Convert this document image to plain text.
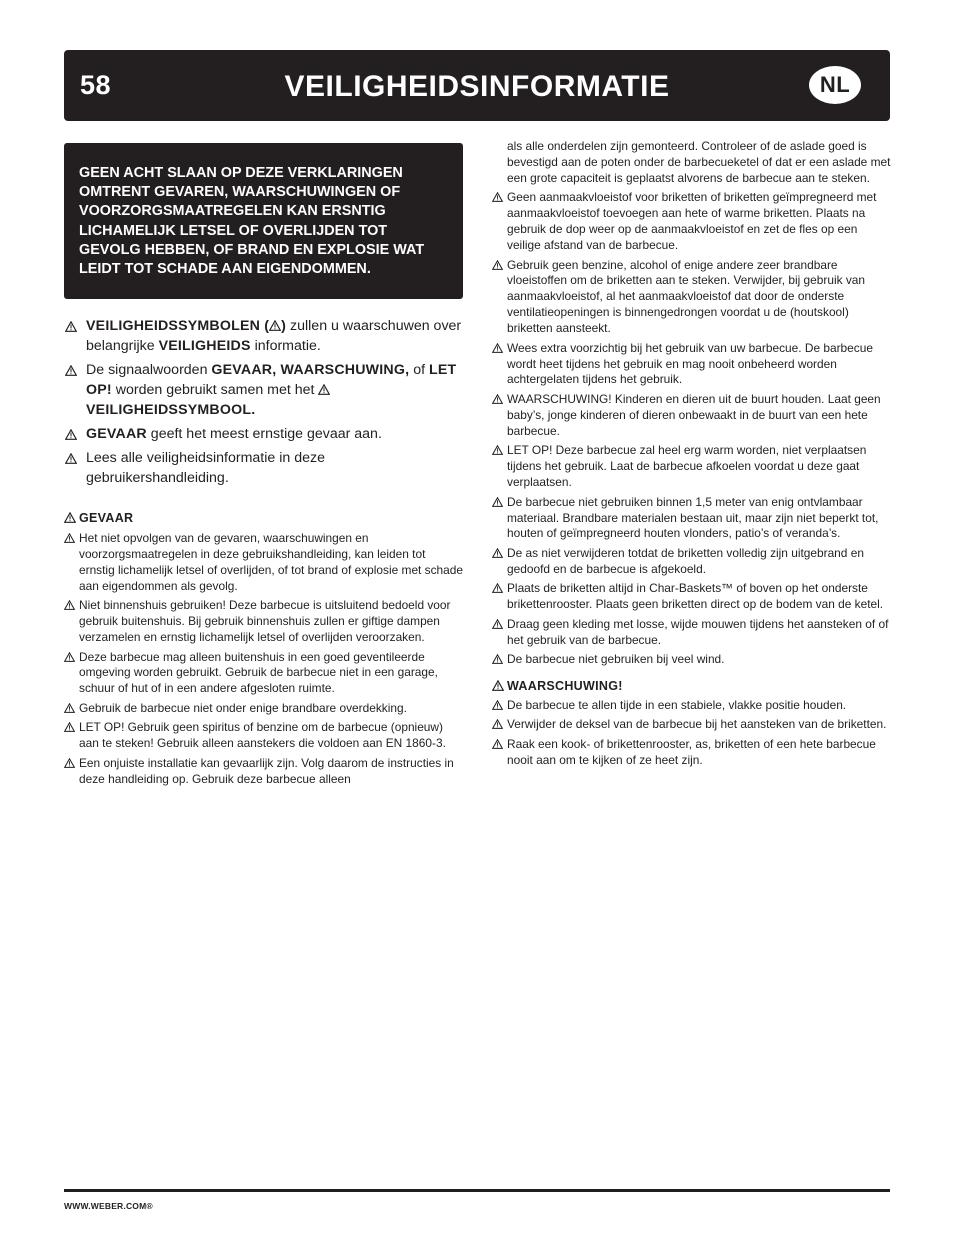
58	VEILIGHEIDSINFORMATIE	NL
GEEN ACHT SLAAN OP DEZE VERKLARINGEN OMTRENT GEVAREN, WAARSCHUWINGEN OF VOORZORGSMAATREGELEN KAN ERSNTIG LICHAMELIJK LETSEL OF OVERLIJDEN TOT GEVOLG HEBBEN, OF BRAND EN EXPLOSIE WAT LEIDT TOT SCHADE AAN EIGENDOMMEN.
VEILIGHEIDSSYMBOLEN ( ) zullen u waarschuwen over belangrijke VEILIGHEIDS informatie.
De signaalwoorden GEVAAR, WAARSCHUWING, of LET OP! worden gebruikt samen met het

VEILIGHEIDSSYMBOOL.
GEVAAR geeft het meest ernstige gevaar aan.
Lees alle veiligheidsinformatie in deze gebruikershandleiding.
GEVAAR
Het niet opvolgen van de gevaren, waarschuwingen en voorzorgsmaatregelen in deze gebruikshandleiding, kan leiden tot ernstig lichamelijk letsel of overlijden, of tot brand of explosie met schade aan eigendommen als gevolg.
Niet binnenshuis gebruiken! Deze barbecue is uitsluitend bedoeld voor gebruik buitenshuis. Bij gebruik binnenshuis zullen er giftige dampen verzamelen en ernstig lichamelijk letsel of overlijden veroorzaken.
Deze barbecue mag alleen buitenshuis in een goed geventileerde omgeving worden gebruikt. Gebruik de barbecue niet in een garage, schuur of hut of in een andere afgesloten ruimte.
Gebruik de barbecue niet onder enige brandbare overdekking.
LET OP! Gebruik geen spiritus of benzine om de barbecue (opnieuw) aan te steken! Gebruik alleen aanstekers die voldoen aan EN 1860-3.
Een onjuiste installatie kan gevaarlijk zijn. Volg daarom de instructies in deze handleiding op. Gebruik deze barbecue alleen
als alle onderdelen zijn gemonteerd. Controleer of de aslade goed is bevestigd aan de poten onder de barbecueketel of dat er een aslade met een grote capaciteit is geplaatst alvorens de barbecue aan te steken.
Geen aanmaakvloeistof voor briketten of briketten geïmpregneerd met aanmaakvloeistof toevoegen aan hete of warme briketten. Plaats na gebruik de dop weer op de aanmaakvloeistof en zet de fles op een veilige afstand van de barbecue.
Gebruik geen benzine, alcohol of enige andere zeer brandbare vloeistoffen om de briketten aan te steken. Verwijder, bij gebruik van aanmaakvloeistof, al het aanmaakvloeistof dat door de onderste ventilatieopeningen is binnengedrongen voordat u de (houtskool) briketten aansteekt.
Wees extra voorzichtig bij het gebruik van uw barbecue. De barbecue wordt heet tijdens het gebruik en mag nooit onbeheerd worden achtergelaten tijdens het gebruik.
WAARSCHUWING! Kinderen en dieren uit de buurt houden. Laat geen baby’s, jonge kinderen of dieren onbewaakt in de buurt van een hete barbecue.
LET OP! Deze barbecue zal heel erg warm worden, niet verplaatsen tijdens het gebruik. Laat de barbecue afkoelen voordat u deze gaat verplaatsen.
De barbecue niet gebruiken binnen 1,5 meter van enig ontvlambaar materiaal. Brandbare materialen bestaan uit, maar zijn niet beperkt tot, houten of geïmpregneerd houten vlonders, patio’s of veranda’s.
De as niet verwijderen totdat de briketten volledig zijn uitgebrand en gedoofd en de barbecue is afgekoeld.
Plaats de briketten altijd in Char-Baskets™ of boven op het onderste brikettenrooster. Plaats geen briketten direct op de bodem van de ketel.
Draag geen kleding met losse, wijde mouwen tijdens het aansteken of of het gebruik van de barbecue.
De barbecue niet gebruiken bij veel wind.
WAARSCHUWING!
De barbecue te allen tijde in een stabiele, vlakke positie houden.
Verwijder de deksel van de barbecue bij het aansteken van de briketten.
Raak een kook- of brikettenrooster, as, briketten of een hete barbecue nooit aan om te kijken of ze heet zijn.
WWW.WEBER.COM®
